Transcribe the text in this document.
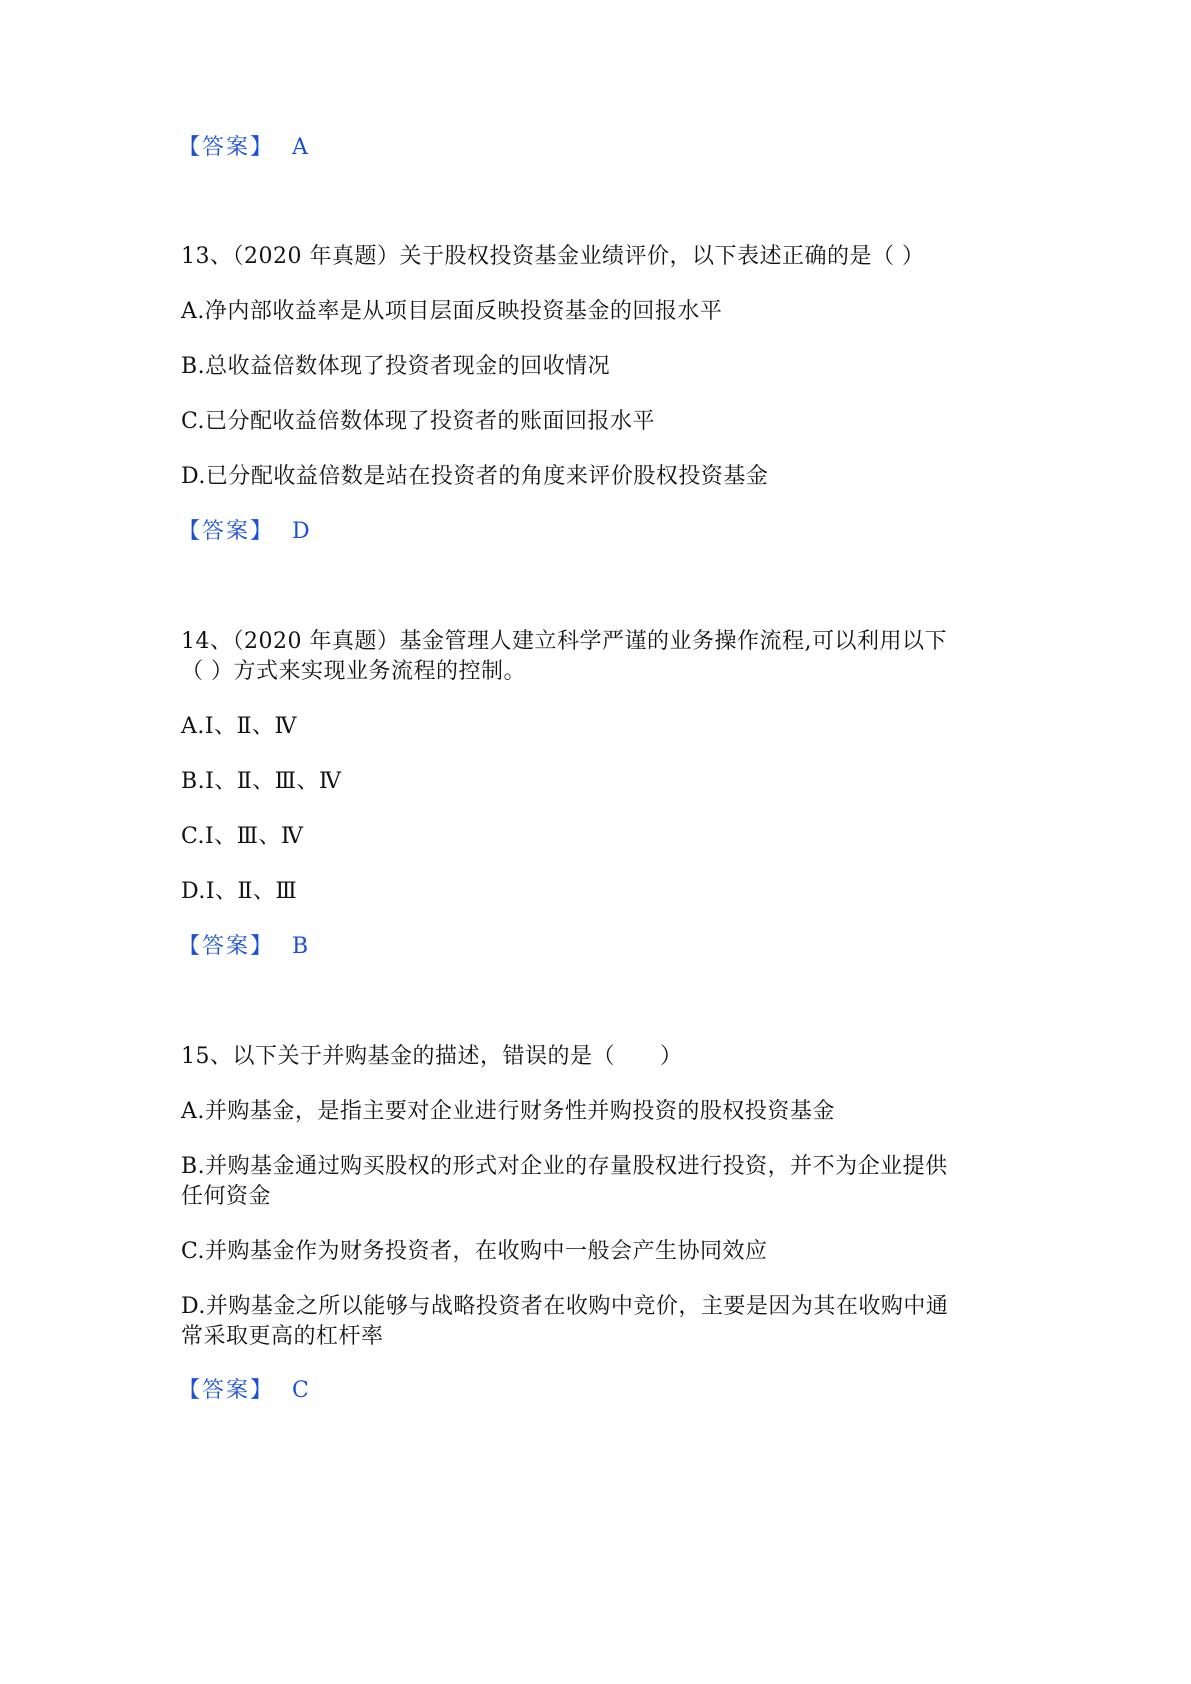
【答案】 A
13、（2020 年真题）关于股权投资基金业绩评价，以下表述正确的是（ ）
A.净内部收益率是从项目层面反映投资基金的回报水平
B.总收益倍数体现了投资者现金的回收情况
C.已分配收益倍数体现了投资者的账面回报水平
D.已分配收益倍数是站在投资者的角度来评价股权投资基金
【答案】 D
14、（2020 年真题）基金管理人建立科学严谨的业务操作流程,可以利用以下
（ ）方式来实现业务流程的控制。
A.Ⅰ、Ⅱ、Ⅳ
B.Ⅰ、Ⅱ、Ⅲ、Ⅳ
C.Ⅰ、Ⅲ、Ⅳ
D.Ⅰ、Ⅱ、Ⅲ
【答案】 B
15、以下关于并购基金的描述，错误的是（　　）
A.并购基金，是指主要对企业进行财务性并购投资的股权投资基金
B.并购基金通过购买股权的形式对企业的存量股权进行投资，并不为企业提供
任何资金
C.并购基金作为财务投资者，在收购中一般会产生协同效应
D.并购基金之所以能够与战略投资者在收购中竞价，主要是因为其在收购中通
常采取更高的杠杆率
【答案】 C
